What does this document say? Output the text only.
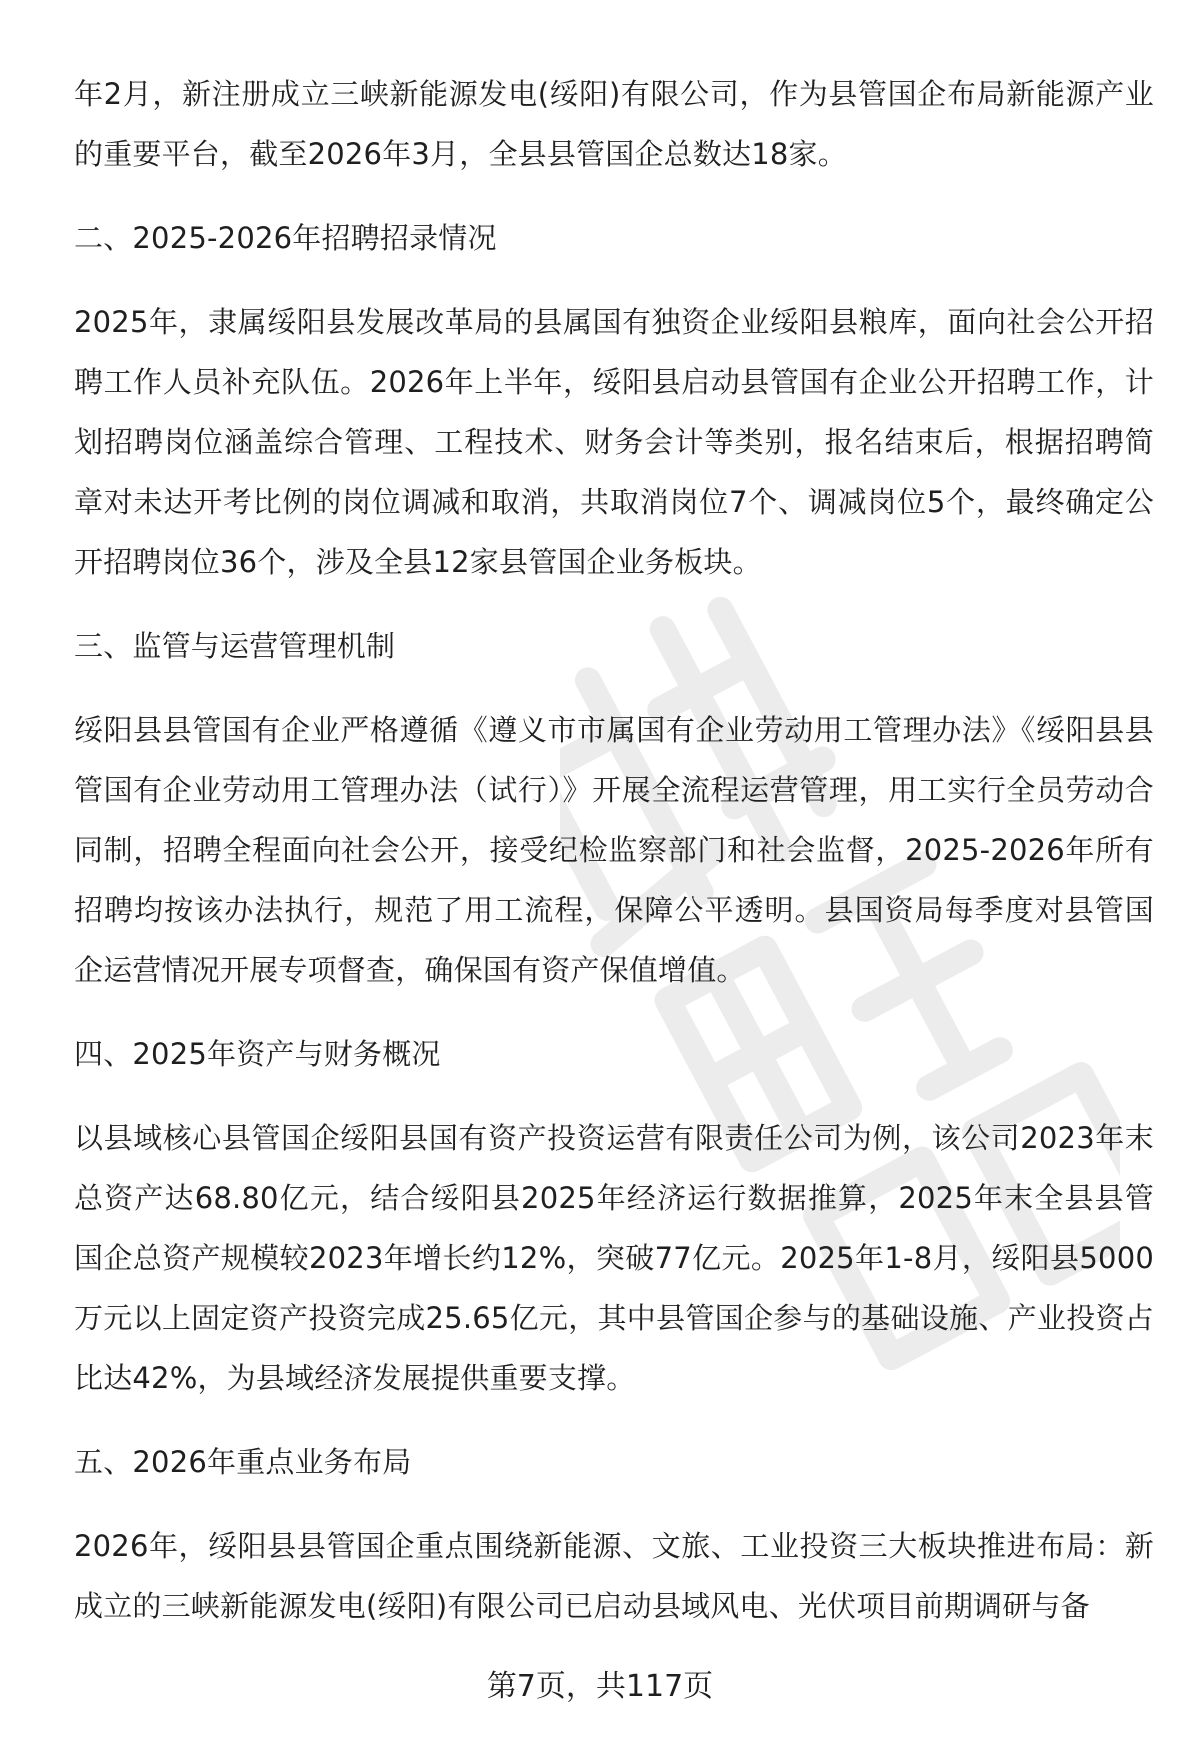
年2月，新注册成立三峡新能源发电(绥阳)有限公司，作为县管国企布局新能源产业的重要平台，截至2026年3月，全县县管国企总数达18家。

二、2025-2026年招聘招录情况

2025年，隶属绥阳县发展改革局的县属国有独资企业绥阳县粮库，面向社会公开招聘工作人员补充队伍。2026年上半年，绥阳县启动县管国有企业公开招聘工作，计划招聘岗位涵盖综合管理、工程技术、财务会计等类别，报名结束后，根据招聘简章对未达开考比例的岗位调减和取消，共取消岗位7个、调减岗位5个，最终确定公开招聘岗位36个，涉及全县12家县管国企业务板块。

三、监管与运营管理机制

绥阳县县管国有企业严格遵循《遵义市市属国有企业劳动用工管理办法》《绥阳县县管国有企业劳动用工管理办法（试行）》开展全流程运营管理，用工实行全员劳动合同制，招聘全程面向社会公开，接受纪检监察部门和社会监督，2025-2026年所有招聘均按该办法执行，规范了用工流程，保障公平透明。县国资局每季度对县管国企运营情况开展专项督查，确保国有资产保值增值。

四、2025年资产与财务概况

以县域核心县管国企绥阳县国有资产投资运营有限责任公司为例，该公司2023年末总资产达68.80亿元，结合绥阳县2025年经济运行数据推算，2025年末全县县管国企总资产规模较2023年增长约12%，突破77亿元。2025年1-8月，绥阳县5000万元以上固定资产投资完成25.65亿元，其中县管国企参与的基础设施、产业投资占比达42%，为县域经济发展提供重要支撑。

五、2026年重点业务布局

2026年，绥阳县县管国企重点围绕新能源、文旅、工业投资三大板块推进布局：新成立的三峡新能源发电(绥阳)有限公司已启动县域风电、光伏项目前期调研与备

第7页，共117页
